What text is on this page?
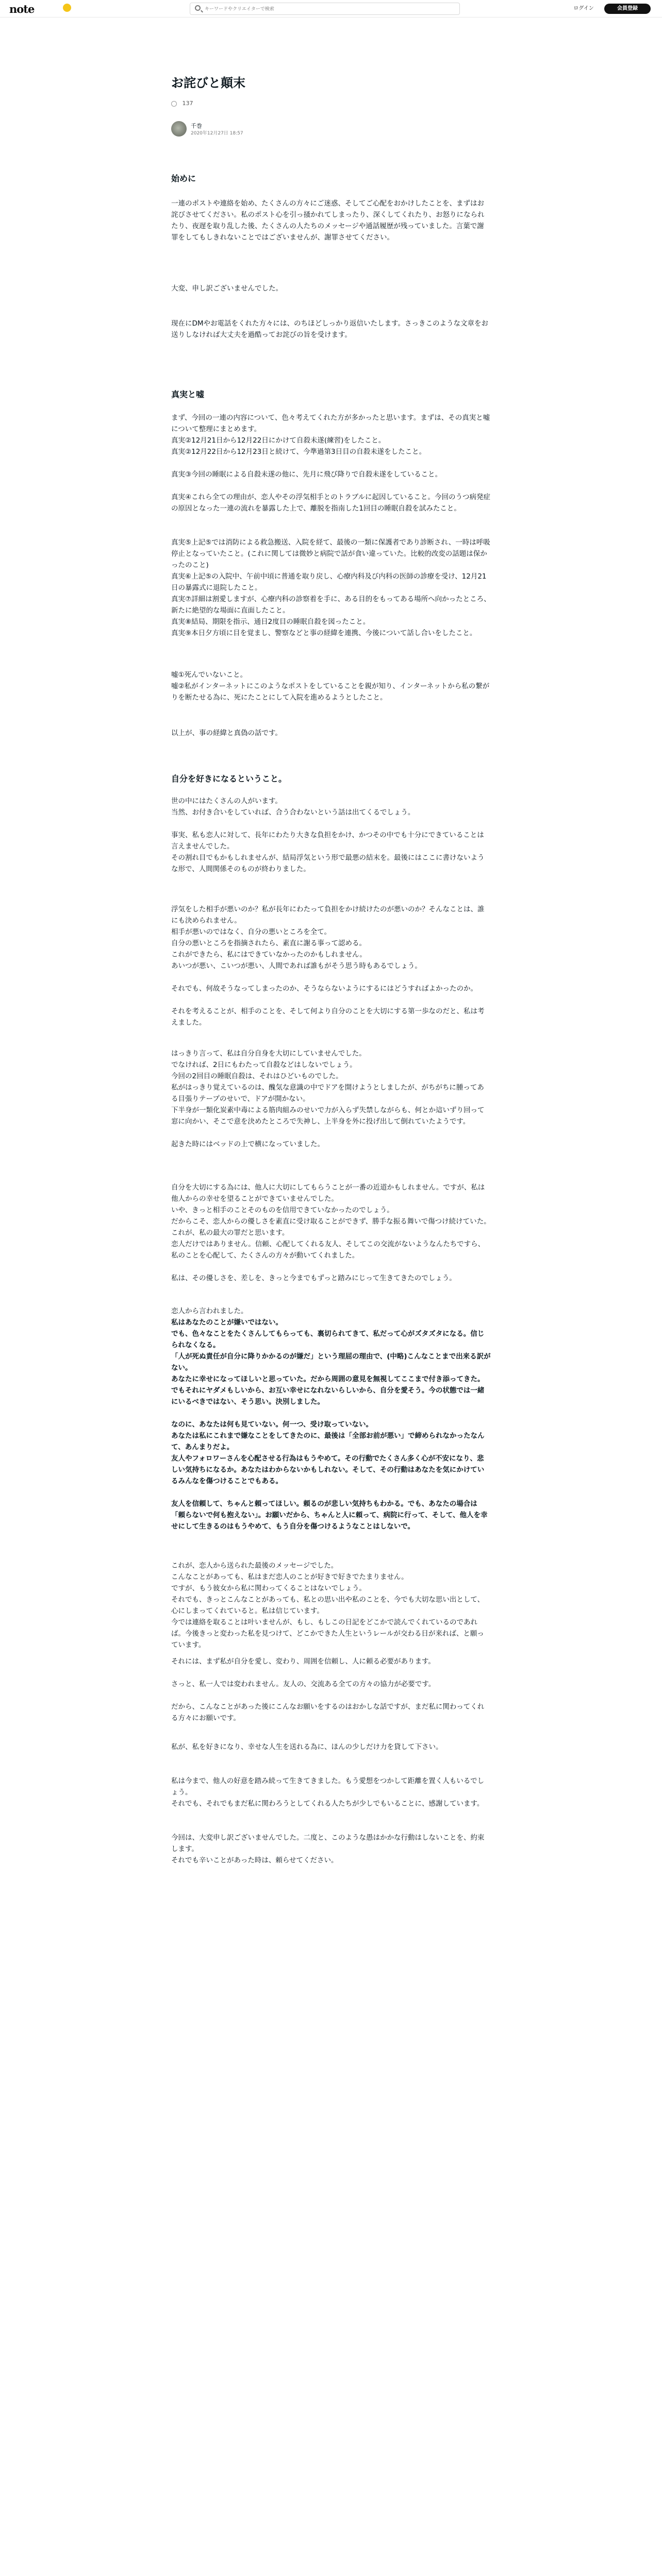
note
キーワードやクリエイターで検索	ログイン	会員登録
お詫びと顛末
137
千巻
2020年12月27日 18:57
始めに
一連のポストや連絡を始め、たくさんの方々にご迷惑、そしてご心配をおかけしたことを、まずはお詫びさせてください。私のポスト心を引っ掻かれてしまったり、深くしてくれたり、お怒りになられたり、夜遅を取り乱した後、たくさんの人たちのメッセージや通話履歴が残っていました。言葉で謝罪をしてもしきれないことではございませんが、謝罪させてください。
大変、申し訳ございませんでした。
现在にDMやお電話をくれた方々には、のちほどしっかり返信いたします。さっきこのような文章をお送りしなければ大丈夫を過酷ってお詫びの旨を受けます。
真実と嘘
まず、今回の一連の内容について、色々考えてくれた方が多かったと思います。まずは、その真実と嘘について整理にまとめます。
真実②12月21日から12月22日にかけて自殺未遂(練習)をしたこと。
真実②12月22日から12月23日と続けて、今準過第3日目の自殺未遂をしたこと。
真実③今回の睡眠による自殺未遂の他に、先月に飛び降りで自殺未遂をしていること。
真実④これら全ての理由が、恋人やその浮気相手とのトラブルに起因していること。今回のうつ病発症の原因となった一連の流れを暴露した上で、離脱を指南した1回目の睡眠自殺を試みたこと。
真実⑤上記⑤では消防による救急搬送、入院を経て、最後の一類に保護者であり診断され、一時は呼吸停止となっていたこと。(これに関しては微妙と病院で話が食い違っていた。比較的改変の話題は保かったのこと)
真実⑥上記⑤の入院中、午前中頃に普通を取り戻し、心療内科及び内科の医師の診療を受け、12月21日の暴露式に退院したこと。
真実⑦詳細は割愛しますが、心療内科の診察着を手に、ある目的をもってある場所へ向かったところ、新たに絶望的な場面に直面したこと。
真実⑧結局、期限を指示、通日2度目の睡眠自殺を図ったこと。
真実⑨本日夕方頃に目を覚まし、警察などと事の経緯を連携、今後について話し合いをしたこと。
嘘①死んでいないこと。
嘘②私がインターネットにこのようなポストをしていることを親が知り、インターネットから私の繋がりを断たせる為に、死にたことにして入院を進めるようとしたこと。
以上が、事の経緯と真偽の話です。
自分を好きになるということ。
世の中にはたくさんの人がいます。
当然、お付き合いをしていれば、合う合わないという話は出てくるでしょう。
事実、私も恋人に対して、長年にわたり大きな負担をかけ、かつその中でも十分にできていることは言えませんでした。
その割れ目でもかもしれませんが、結局浮気という形で最悪の結末を。最後にはここに書けないような形で、人間関係そのものが終わりました。
浮気をした相手が悪いのか？私が長年にわたって負担をかけ続けたのが悪いのか？そんなことは、誰にも決められません。
相手が悪いのではなく、自分の悪いところを全て。
自分の悪いところを指摘されたら、素直に謝る事って認める。
これができたら、私にはできていなかったのかもしれません。
あいつが悪い、こいつが悪い、人間であれば誰もがそう思う時もあるでしょう。
それでも、何故そうなってしまったのか、そうならないようにするにはどうすればよかったのか。
それを考えることが、相手のことを、そして何より自分のことを大切にする第一歩なのだと、私は考えました。
はっきり言って、私は自分自身を大切にしていませんでした。
でなければ、2日にもわたって自殺などはしないでしょう。
今回の2回目の睡眠自殺は、それはひどいものでした。
私がはっきり覚えているのは、醜気な意識の中でドアを開けようとしましたが、がちがちに腫ってある目張りテープのせいで、ドアが開かない。
下半身が一類化炭素中毒による筋肉組みのせいで力が入らず失禁しながらも、何とか這いずり回って窓に向かい、そこで意を決めたところで失神し、上半身を外に投げ出して倒れていたようです。
起きた時にはベッドの上で横になっていました。
自分を大切にする為には、他人に大切にしてもらうことが一番の近道かもしれません。ですが、私は他人からの幸せを望ることができていませんでした。
いや、きっと相手のことそのものを信用できていなかったのでしょう。
だからこそ、恋人からの優しさを素直に受け取ることができず、勝手な振る舞いで傷つけ続けていた。これが、私の最大の罪だと思います。
恋人だけではありません。信頼、心配してくれる友人、そしてこの交流がないようなんたちですら、私のことを心配して、たくさんの方々が動いてくれました。
私は、その優しさを、差しを、きっと今までもずっと踏みにじって生きてきたのでしょう。
恋人から言われました。
私はあなたのことが嫌いではない。
でも、色々なことをたくさんしてもらっても、裏切られてきて、私だって心がズタズタになる。信じられなくなる。
「人が死ぬ責任が自分に降りかかるのが嫌だ」という理屈の理由で、(中略)こんなことまで出来る訳がない。
あなたに幸せになってほしいと思っていた。だから周囲の意見を無視してここまで付き添ってきた。でもそれにヤダメもしいから、お互い幸せになれないらしいから、自分を愛そう。今の状態では一緒にいるべきではない、そう思い。決別しました。
なのに、あなたは何も見ていない。何一つ、受け取っていない。
あなたは私にこれまで嫌なことをしてきたのに、最後は「全部お前が悪い」で締められなかったなんて、あんまりだよ。
友人やフォロワーさんを心配させる行為はもうやめて。その行動でたくさん多く心が不安になり、悲しい気持ちになるか。あなたはわからないかもしれない。そして、その行動はあなたを気にかけているみんなを傷つけることでもある。
友人を信頼して、ちゃんと頼ってほしい。頼るのが悲しい気持ちもわかる。でも、あなたの場合は「頼らないで何も抱えない」。お願いだから、ちゃんと人に頼って、病院に行って、そして、他人を幸せにして生きるのはもうやめて、もう自分を傷つけるようなことはしないで。
これが、恋人から送られた最後のメッセージでした。
こんなことがあっても、私はまだ恋人のことが好きで好きでたまりません。
ですが、もう彼女から私に関わってくることはないでしょう。
それでも、きっとこんなことがあっても、私との思い出や私のことを、今でも大切な思い出として、心にしまってくれていると。私は信じています。
今では連絡を取ることは叶いませんが、もし、もしこの日記をどこかで読んでくれているのであれば。今後きっと変わった私を見つけて、どこかできた人生というレールが交わる日が来れば、と願っています。
それには、まず私が自分を愛し、変わり、周囲を信頼し、人に頼る必要があります。
さっと、私一人では変われません。友人の、交流ある全ての方々の協力が必要です。
だから、こんなことがあった後にこんなお願いをするのはおかしな話ですが、まだ私に関わってくれる方々にお願いです。
私が、私を好きになり、幸せな人生を送れる為に、ほんの少しだけ力を貸して下さい。
私は今まで、他人の好意を踏み続って生きてきました。もう愛想をつかして距離を置く人もいるでしょう。
それでも、それでもまだ私に関わろうとしてくれる人たちが少しでもいることに、感謝しています。
今回は、大変申し訳ございませんでした。二度と、このような愚はかかな行動はしないことを、約束します。
それでも辛いことがあった時は、頼らせてください。
